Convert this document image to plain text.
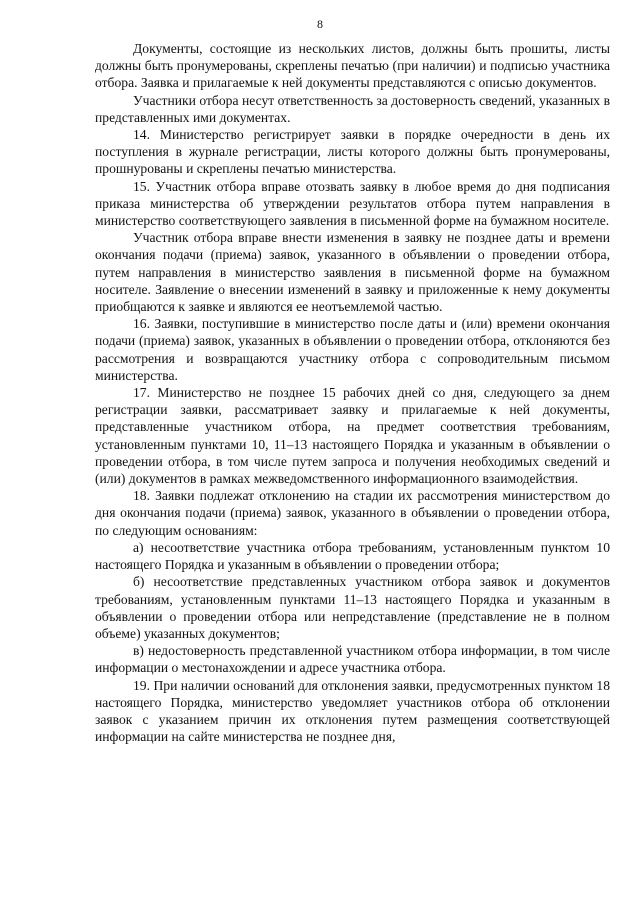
8

Документы, состоящие из нескольких листов, должны быть прошиты, листы должны быть пронумерованы, скреплены печатью (при наличии) и подписью участника отбора. Заявка и прилагаемые к ней документы представляются с описью документов.

Участники отбора несут ответственность за достоверность сведений, указанных в представленных ими документах.

14. Министерство регистрирует заявки в порядке очередности в день их поступления в журнале регистрации, листы которого должны быть пронумерованы, прошнурованы и скреплены печатью министерства.

15. Участник отбора вправе отозвать заявку в любое время до дня подписания приказа министерства об утверждении результатов отбора путем направления в министерство соответствующего заявления в письменной форме на бумажном носителе.

Участник отбора вправе внести изменения в заявку не позднее даты и времени окончания подачи (приема) заявок, указанного в объявлении о проведении отбора, путем направления в министерство заявления в письменной форме на бумажном носителе. Заявление о внесении изменений в заявку и приложенные к нему документы приобщаются к заявке и являются ее неотъемлемой частью.

16. Заявки, поступившие в министерство после даты и (или) времени окончания подачи (приема) заявок, указанных в объявлении о проведении отбора, отклоняются без рассмотрения и возвращаются участнику отбора с сопроводительным письмом министерства.

17. Министерство не позднее 15 рабочих дней со дня, следующего за днем регистрации заявки, рассматривает заявку и прилагаемые к ней документы, представленные участником отбора, на предмет соответствия требованиям, установленным пунктами 10, 11–13 настоящего Порядка и указанным в объявлении о проведении отбора, в том числе путем запроса и получения необходимых сведений и (или) документов в рамках межведомственного информационного взаимодействия.

18. Заявки подлежат отклонению на стадии их рассмотрения министерством до дня окончания подачи (приема) заявок, указанного в объявлении о проведении отбора, по следующим основаниям:

а) несоответствие участника отбора требованиям, установленным пунктом 10 настоящего Порядка и указанным в объявлении о проведении отбора;

б) несоответствие представленных участником отбора заявок и документов требованиям, установленным пунктами 11–13 настоящего Порядка и указанным в объявлении о проведении отбора или непредставление (представление не в полном объеме) указанных документов;

в) недостоверность представленной участником отбора информации, в том числе информации о местонахождении и адресе участника отбора.

19. При наличии оснований для отклонения заявки, предусмотренных пунктом 18 настоящего Порядка, министерство уведомляет участников отбора об отклонении заявок с указанием причин их отклонения путем размещения соответствующей информации на сайте министерства не позднее дня,
